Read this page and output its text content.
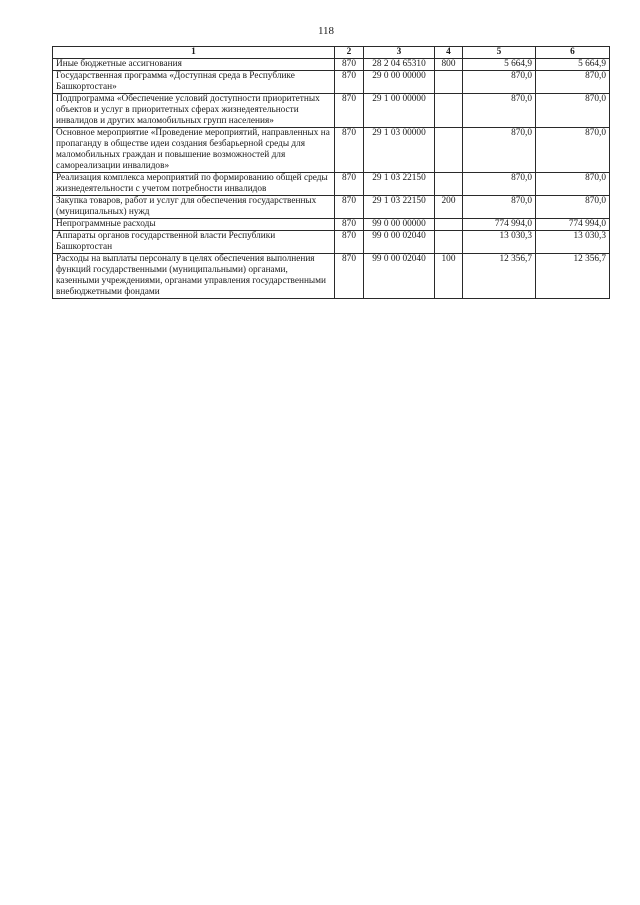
118
1	2	3	4	5	6
Иные бюджетные ассигнования	870	28 2 04 65310	800	5 664,9	5 664,9
Государственная программа «Доступная среда в Республике Башкортостан»	870	29 0 00 00000		870,0	870,0
Подпрограмма «Обеспечение условий доступности приоритетных объектов и услуг в приоритетных сферах жизнедеятельности инвалидов и других маломобильных групп населения»	870	29 1 00 00000		870,0	870,0
Основное мероприятие «Проведение мероприятий, направленных на пропаганду в обществе идеи создания безбарьерной среды для маломобильных граждан и повышение возможностей для самореализации инвалидов»	870	29 1 03 00000		870,0	870,0
Реализация комплекса мероприятий по формированию общей среды жизнедеятельности с учетом потребности инвалидов	870	29 1 03 22150		870,0	870,0
Закупка товаров, работ и услуг для обеспечения государственных (муниципальных) нужд	870	29 1 03 22150	200	870,0	870,0
Непрограммные расходы	870	99 0 00 00000		774 994,0	774 994,0
Аппараты органов государственной власти Республики Башкортостан	870	99 0 00 02040		13 030,3	13 030,3
Расходы на выплаты персоналу в целях обеспечения выполнения функций государственными (муниципальными) органами, казенными учреждениями, органами управления государственными внебюджетными фондами	870	99 0 00 02040	100	12 356,7	12 356,7
